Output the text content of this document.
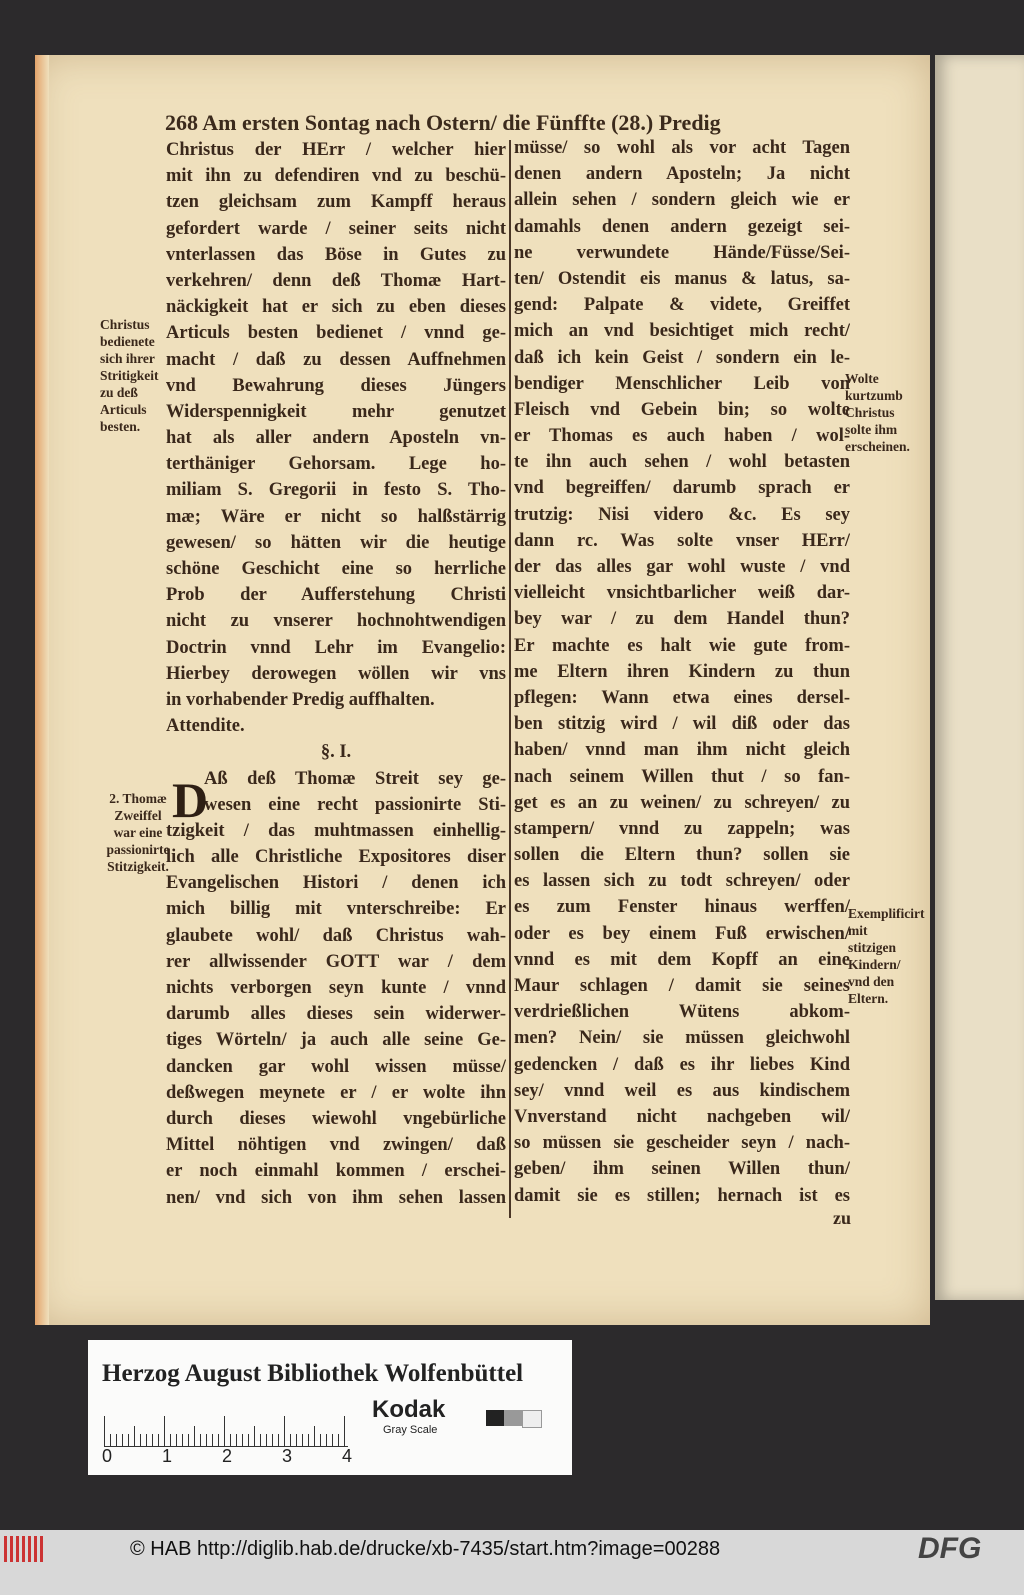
268 Am ersten Sontag nach Ostern/ die Fünffte (28.) Predig
Christus der HErr / welcher hier
mit ihn zu defendiren vnd zu beschü-
tzen gleichsam zum Kampff heraus
gefordert warde / seiner seits nicht
vnterlassen das Böse in Gutes zu
verkehren/ denn deß Thomæ Hart-
näckigkeit hat er sich zu eben dieses
Articuls besten bedienet / vnnd ge-
macht / daß zu dessen Auffnehmen
vnd Bewahrung dieses Jüngers
Widerspennigkeit mehr genutzet
hat als aller andern Aposteln vn-
terthäniger Gehorsam. Lege ho-
miliam S. Gregorii in festo S. Tho-
mæ; Wäre er nicht so halßstärrig
gewesen/ so hätten wir die heutige
schöne Geschicht eine so herrliche
Prob der Aufferstehung Christi
nicht zu vnserer hochnohtwendigen
Doctrin vnnd Lehr im Evangelio:
Hierbey derowegen wöllen wir vns
in vorhabender Predig auffhalten.
Attendite.
§. I.
Aß deß Thomæ Streit sey ge-
wesen eine recht passionirte Sti-
tzigkeit / das muhtmassen einhellig-
lich alle Christliche Expositores diser
Evangelischen Histori / denen ich
mich billig mit vnterschreibe: Er
glaubete wohl/ daß Christus wah-
rer allwissender GOTT war / dem
nichts verborgen seyn kunte / vnnd
darumb alles dieses sein widerwer-
tiges Wörteln/ ja auch alle seine Ge-
dancken gar wohl wissen müsse/
deßwegen meynete er / er wolte ihn
durch dieses wiewohl vngebürliche
Mittel nöhtigen vnd zwingen/ daß
er noch einmahl kommen / erschei-
nen/ vnd sich von ihm sehen lassen
D
müsse/ so wohl als vor acht Tagen
denen andern Aposteln; Ja nicht
allein sehen / sondern gleich wie er
damahls denen andern gezeigt sei-
ne verwundete Hände/Füsse/Sei-
ten/ Ostendit eis manus & latus, sa-
gend: Palpate & videte, Greiffet
mich an vnd besichtiget mich recht/
daß ich kein Geist / sondern ein le-
bendiger Menschlicher Leib von
Fleisch vnd Gebein bin; so wolte
er Thomas es auch haben / wol-
te ihn auch sehen / wohl betasten
vnd begreiffen/ darumb sprach er
trutzig: Nisi videro &c. Es sey
dann rc. Was solte vnser HErr/
der das alles gar wohl wuste / vnd
vielleicht vnsichtbarlicher weiß dar-
bey war / zu dem Handel thun?
Er machte es halt wie gute from-
me Eltern ihren Kindern zu thun
pflegen: Wann etwa eines dersel-
ben stitzig wird / wil diß oder das
haben/ vnnd man ihm nicht gleich
nach seinem Willen thut / so fan-
get es an zu weinen/ zu schreyen/ zu
stampern/ vnnd zu zappeln; was
sollen die Eltern thun? sollen sie
es lassen sich zu todt schreyen/ oder
es zum Fenster hinaus werffen/
oder es bey einem Fuß erwischen/
vnnd es mit dem Kopff an eine
Maur schlagen / damit sie seines
verdrießlichen Wütens abkom-
men? Nein/ sie müssen gleichwohl
gedencken / daß es ihr liebes Kind
sey/ vnnd weil es aus kindischem
Vnverstand nicht nachgeben wil/
so müssen sie gescheider seyn / nach-
geben/ ihm seinen Willen thun/
damit sie es stillen; hernach ist es
zu
Christus bedienete sich ihrer Stritigkeit zu deß Articuls besten.
2. Thomæ Zweiffel war eine passionirte Stitzigkeit.
Wolte kurtzumb Christus solte ihm erscheinen.
Exemplificirt mit stitzigen Kindern/ vnd den Eltern.
Herzog August Bibliothek Wolfenbüttel
0	1	2	3	4
Kodak
Gray Scale
© HAB http://diglib.hab.de/drucke/xb-7435/start.htm?image=00288	DFG
